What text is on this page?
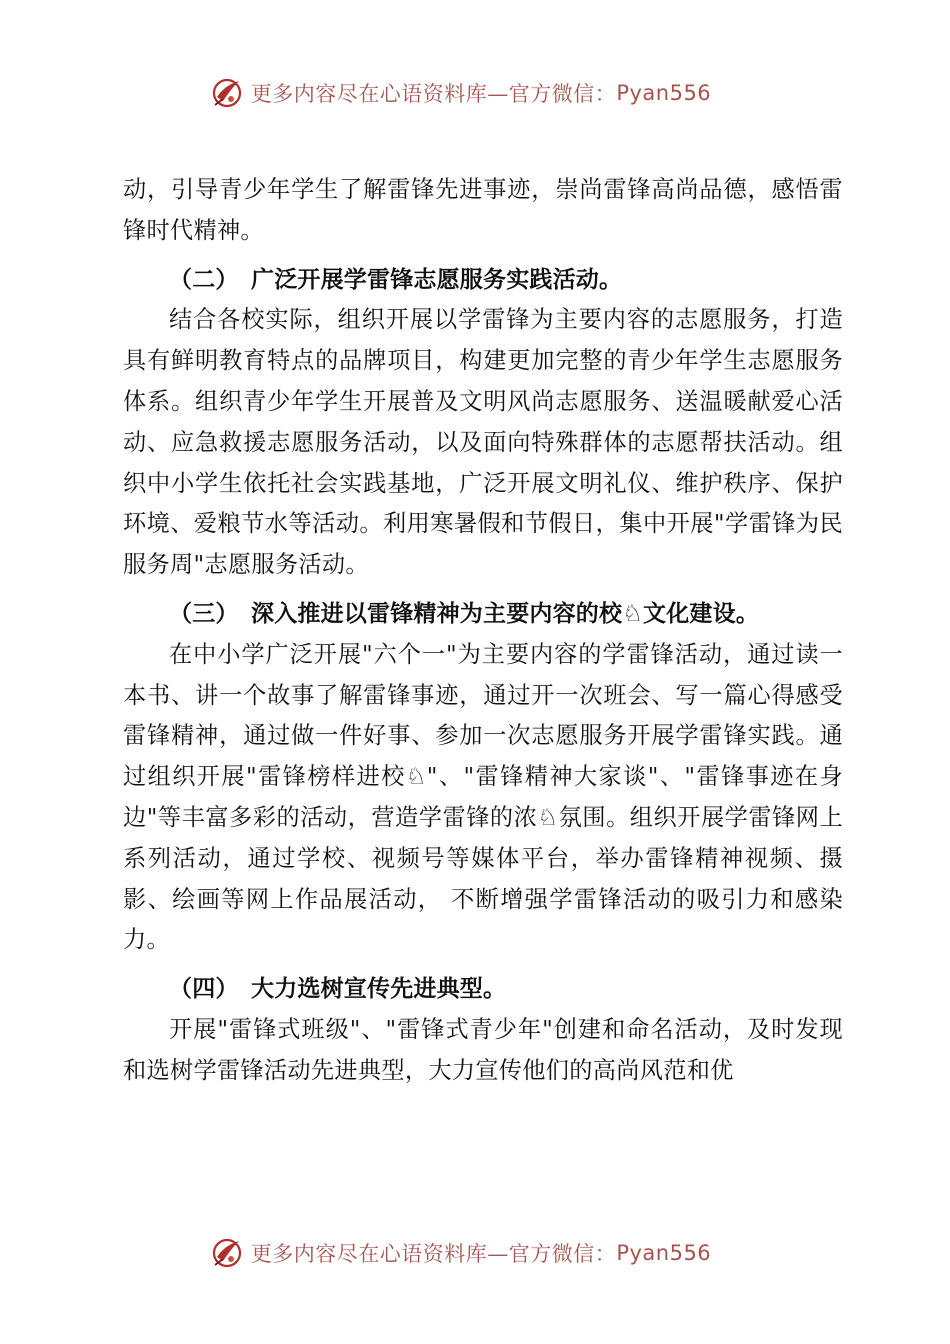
更多内容尽在心语资料库—官方微信： Pyan556

动，引导青少年学生了解雷锋先进事迹，崇尚雷锋高尚品德，感悟雷锋时代精神。

（二） 广泛开展学雷锋志愿服务实践活动。

结合各校实际，组织开展以学雷锋为主要内容的志愿服务，打造具有鲜明教育特点的品牌项目，构建更加完整的青少年学生志愿服务体系。组织青少年学生开展普及文明风尚志愿服务、送温暖献爱心活动、应急救援志愿服务活动，以及面向特殊群体的志愿帮扶活动。组织中小学生依托社会实践基地，广泛开展文明礼仪、维护秩序、保护环境、爱粮节水等活动。利用寒暑假和节假日，集中开展"学雷锋为民服务周"志愿服务活动。

（三） 深入推进以雷锋精神为主要内容的校♘文化建设。

在中小学广泛开展"六个一"为主要内容的学雷锋活动，通过读一本书、讲一个故事了解雷锋事迹，通过开一次班会、写一篇心得感受雷锋精神，通过做一件好事、参加一次志愿服务开展学雷锋实践。通过组织开展"雷锋榜样进校♘"、"雷锋精神大家谈"、"雷锋事迹在身边"等丰富多彩的活动，营造学雷锋的浓♘氛围。组织开展学雷锋网上系列活动，通过学校、视频号等媒体平台，举办雷锋精神视频、摄影、绘画等网上作品展活动， 不断增强学雷锋活动的吸引力和感染力。

（四） 大力选树宣传先进典型。

开展"雷锋式班级"、"雷锋式青少年"创建和命名活动，及时发现和选树学雷锋活动先进典型，大力宣传他们的高尚风范和优

更多内容尽在心语资料库—官方微信： Pyan556
